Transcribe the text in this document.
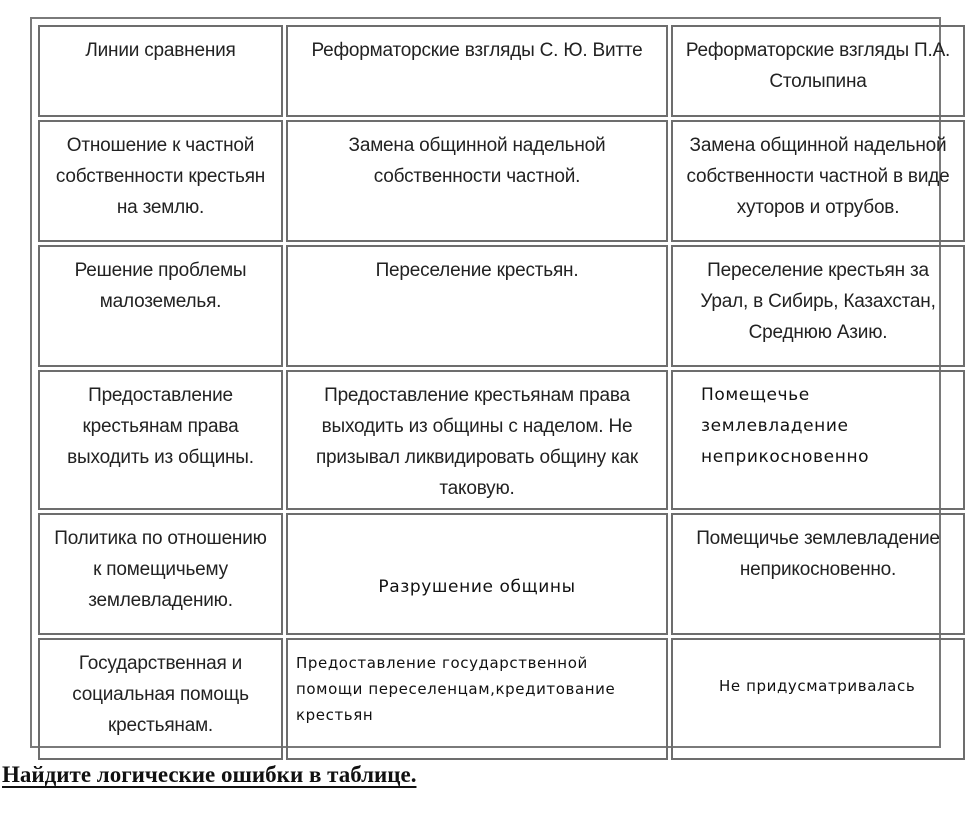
Линии сравнения	Реформаторские взгляды С. Ю. Витте	Реформаторские взгляды П.А. Столыпина
Отношение к частной собственности крестьян на землю.	Замена общинной надельной собственности частной.	Замена общинной надельной собственности частной в виде хуторов и отрубов.
Решение проблемы малоземелья.	Переселение крестьян.	Переселение крестьян за Урал, в Сибирь, Казахстан, Среднюю Азию.
Предоставление крестьянам права выходить из общины.	Предоставление крестьянам права выходить из общины с наделом. Не призывал ликвидировать общину как таковую.	Помещечье землевладение неприкосновенно
Политика по отношению к помещичьему землевладению.	Разрушение общины	Помещичье землевладение неприкосновенно.
Государственная и социальная помощь крестьянам.	Предоставление государственной помощи переселенцам,кредитование крестьян	Не придусматривалась
Найдите логические ошибки в таблице.
